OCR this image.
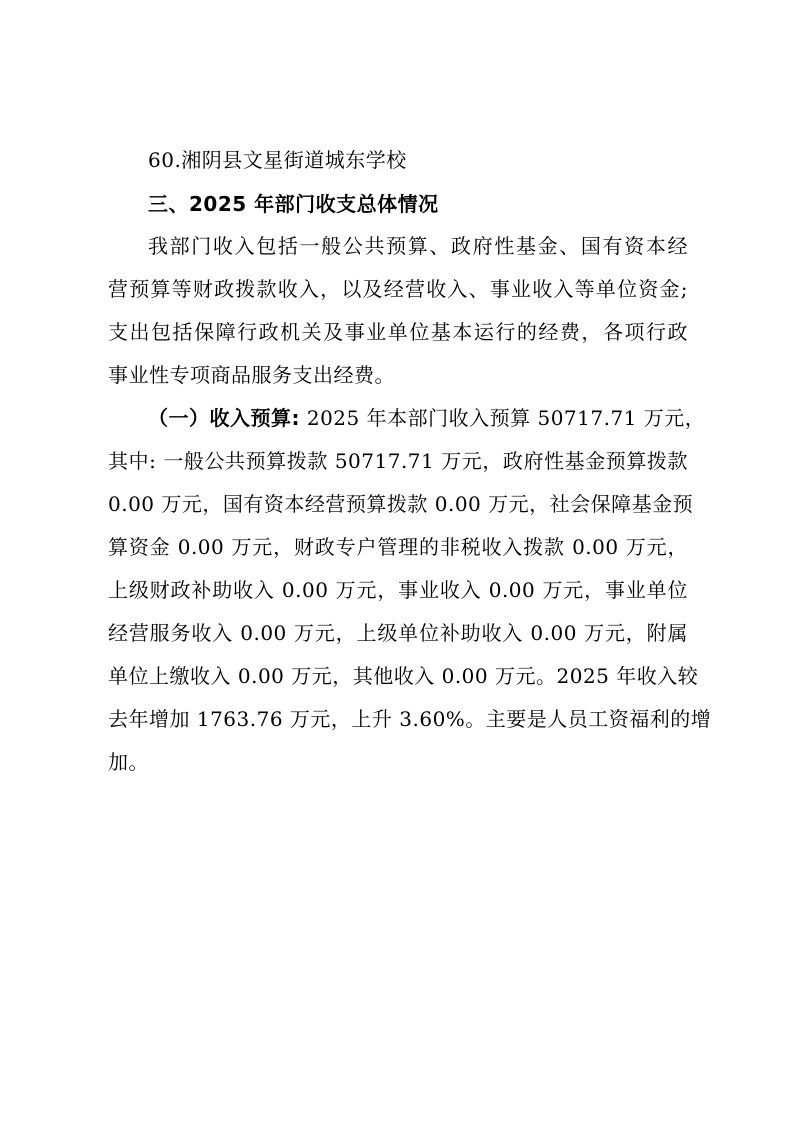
60.湘阴县文星街道城东学校
三、2025 年部门收支总体情况
我部门收入包括一般公共预算、政府性基金、国有资本经
营预算等财政拨款收入，以及经营收入、事业收入等单位资金;
支出包括保障行政机关及事业单位基本运行的经费，各项行政
事业性专项商品服务支出经费。
（一）收入预算: 2025 年本部门收入预算 50717.71 万元，
其中: 一般公共预算拨款 50717.71 万元，政府性基金预算拨款
0.00 万元，国有资本经营预算拨款 0.00 万元，社会保障基金预
算资金 0.00 万元，财政专户管理的非税收入拨款 0.00 万元，
上级财政补助收入 0.00 万元，事业收入 0.00 万元，事业单位
经营服务收入 0.00 万元，上级单位补助收入 0.00 万元，附属
单位上缴收入 0.00 万元，其他收入 0.00 万元。2025 年收入较
去年增加 1763.76 万元，上升 3.60%。主要是人员工资福利的增
加。
